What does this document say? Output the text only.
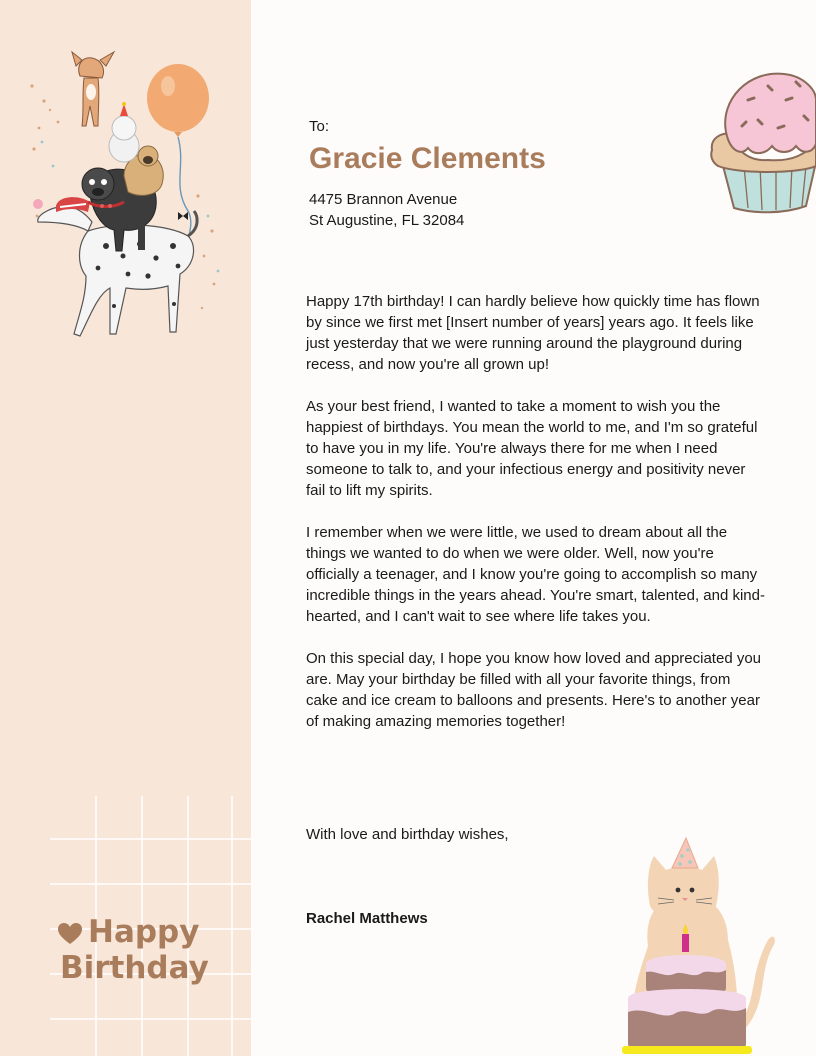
Happy
Birthday
To:
Gracie Clements
4475 Brannon Avenue
St Augustine, FL 32084

Happy 17th birthday! I can hardly believe how quickly time has flown by since we first met [Insert number of years] years ago. It feels like just yesterday that we were running around the playground during recess, and now you're all grown up!

As your best friend, I wanted to take a moment to wish you the happiest of birthdays. You mean the world to me, and I'm so grateful to have you in my life. You're always there for me when I need someone to talk to, and your infectious energy and positivity never fail to lift my spirits.

I remember when we were little, we used to dream about all the things we wanted to do when we were older. Well, now you're officially a teenager, and I know you're going to accomplish so many incredible things in the years ahead. You're smart, talented, and kind-hearted, and I can't wait to see where life takes you.

On this special day, I hope you know how loved and appreciated you are. May your birthday be filled with all your favorite things, from cake and ice cream to balloons and presents. Here's to another year of making amazing memories together!

With love and birthday wishes,
Rachel Matthews
